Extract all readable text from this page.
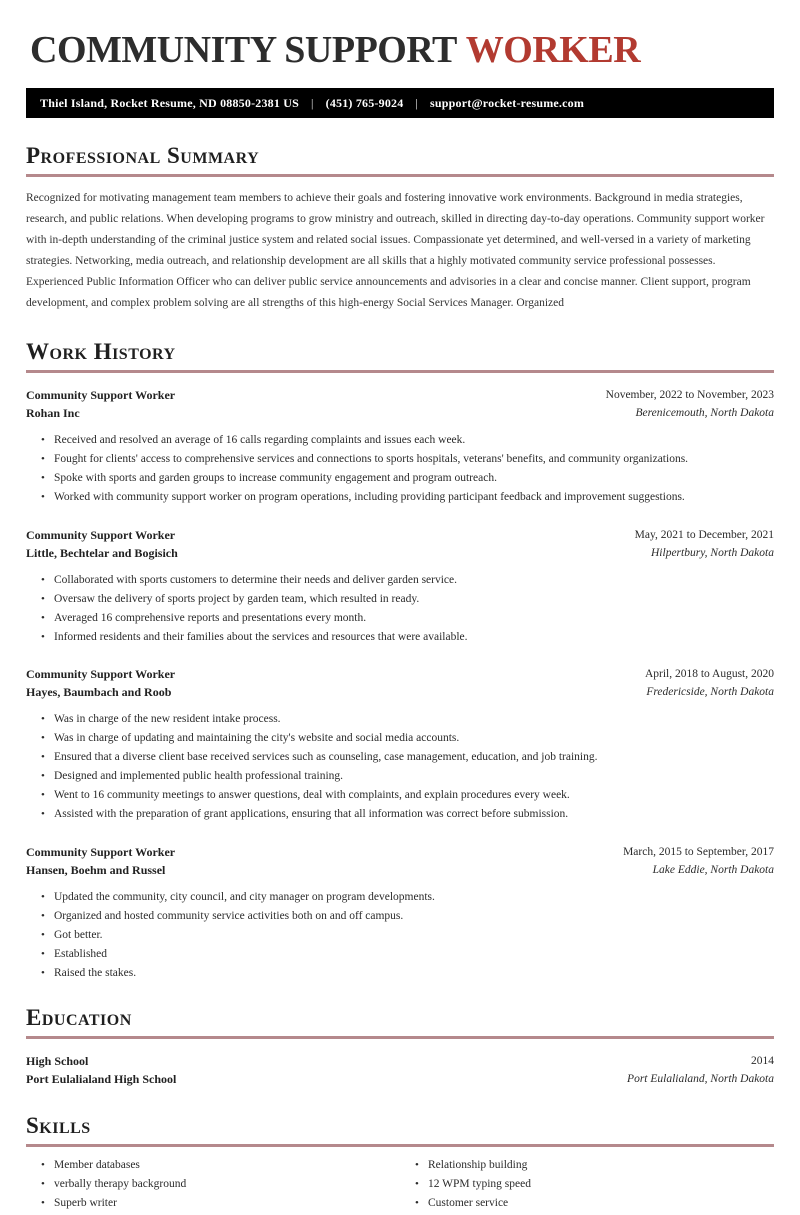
COMMUNITY SUPPORT WORKER
Thiel Island, Rocket Resume, ND 08850-2381 US | (451) 765-9024 | support@rocket-resume.com
Professional Summary

Recognized for motivating management team members to achieve their goals and fostering innovative work environments. Background in media strategies, research, and public relations. When developing programs to grow ministry and outreach, skilled in directing day-to-day operations. Community support worker with in-depth understanding of the criminal justice system and related social issues. Compassionate yet determined, and well-versed in a variety of marketing strategies. Networking, media outreach, and relationship development are all skills that a highly motivated community service professional possesses. Experienced Public Information Officer who can deliver public service announcements and advisories in a clear and concise manner. Client support, program development, and complex problem solving are all strengths of this high-energy Social Services Manager. Organized

Work History
Community Support Worker
Rohan Inc
November, 2022 to November, 2023
Berenicemouth, North Dakota
• Received and resolved an average of 16 calls regarding complaints and issues each week.
• Fought for clients' access to comprehensive services and connections to sports hospitals, veterans' benefits, and community organizations.
• Spoke with sports and garden groups to increase community engagement and program outreach.
• Worked with community support worker on program operations, including providing participant feedback and improvement suggestions.
Community Support Worker
Little, Bechtelar and Bogisich
May, 2021 to December, 2021
Hilpertbury, North Dakota
• Collaborated with sports customers to determine their needs and deliver garden service.
• Oversaw the delivery of sports project by garden team, which resulted in ready.
• Averaged 16 comprehensive reports and presentations every month.
• Informed residents and their families about the services and resources that were available.
Community Support Worker
Hayes, Baumbach and Roob
April, 2018 to August, 2020
Fredericside, North Dakota
• Was in charge of the new resident intake process.
• Was in charge of updating and maintaining the city's website and social media accounts.
• Ensured that a diverse client base received services such as counseling, case management, education, and job training.
• Designed and implemented public health professional training.
• Went to 16 community meetings to answer questions, deal with complaints, and explain procedures every week.
• Assisted with the preparation of grant applications, ensuring that all information was correct before submission.
Community Support Worker
Hansen, Boehm and Russel
March, 2015 to September, 2017
Lake Eddie, North Dakota
• Updated the community, city council, and city manager on program developments.
• Organized and hosted community service activities both on and off campus.
• Got better.
• Established
• Raised the stakes.
Education
High School
Port Eulalialand High School
2014
Port Eulalialand, North Dakota
Skills
• Member databases
• verbally therapy background
• Superb writer
• Relationship building
• 12 WPM typing speed
• Customer service
